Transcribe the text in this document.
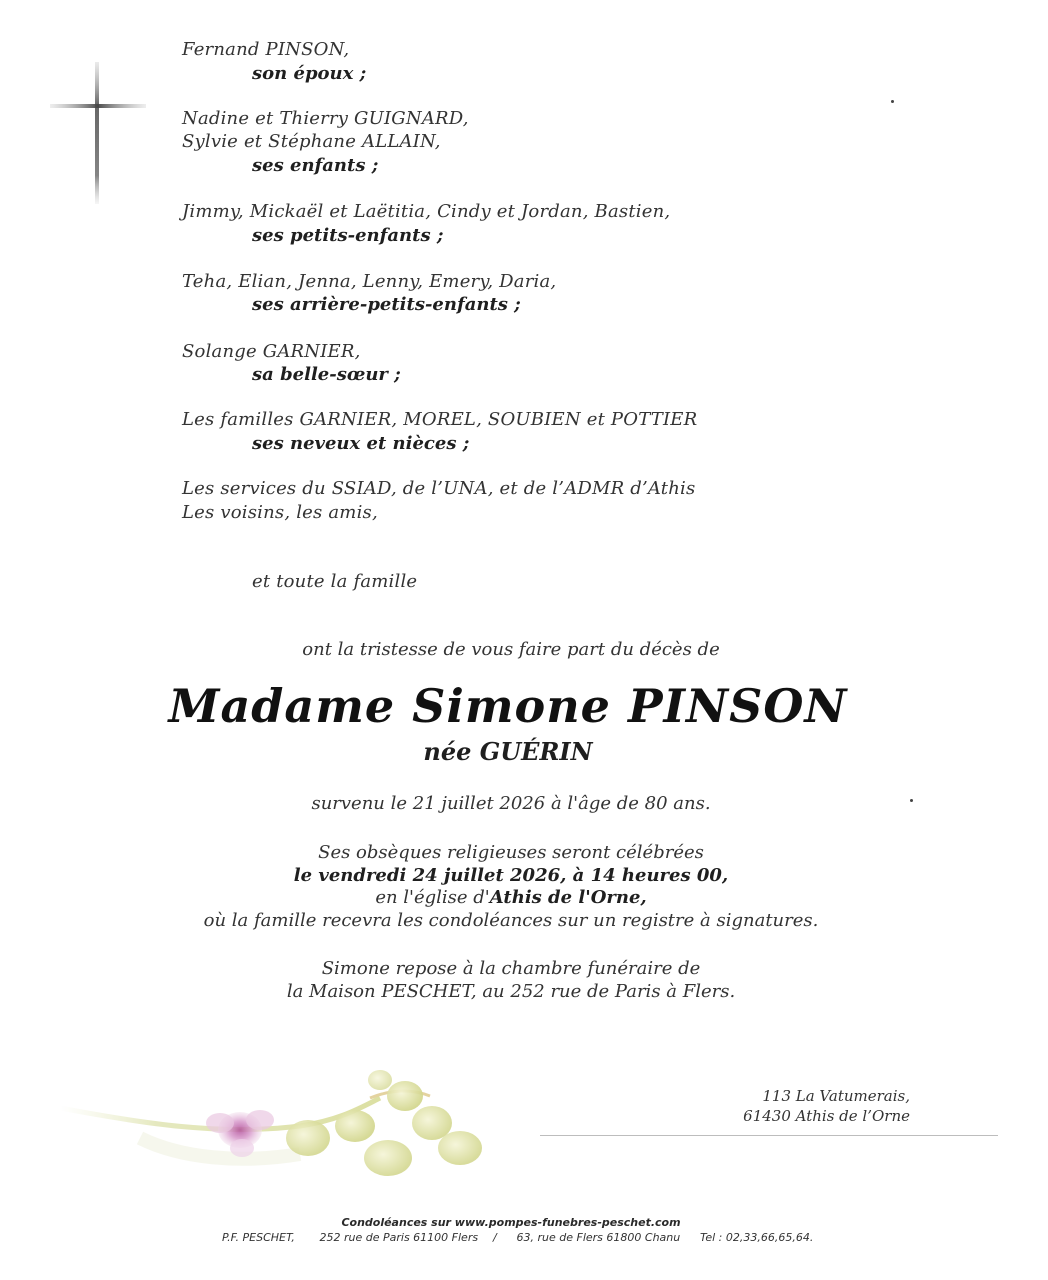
Fernand PINSON,
son époux ;
Nadine et Thierry GUIGNARD,
Sylvie et Stéphane ALLAIN,
ses enfants ;
Jimmy, Mickaël et Laëtitia, Cindy et Jordan, Bastien,
ses petits-enfants ;
Teha, Elian, Jenna, Lenny, Emery, Daria,
ses arrière-petits-enfants ;
Solange GARNIER,
sa belle-sœur ;
Les familles GARNIER, MOREL, SOUBIEN et POTTIER
ses neveux et nièces ;
Les services du SSIAD, de l’UNA, et de l’ADMR d’Athis
Les voisins, les amis,
et toute la famille
ont la tristesse de vous faire part du décès de
Madame Simone PINSON
née GUÉRIN
survenu le 21 juillet 2026 à l'âge de 80 ans.
Ses obsèques religieuses seront célébrées
le vendredi 24 juillet 2026, à 14 heures 00,
en l'église d'Athis de l'Orne,
où la famille recevra les condoléances sur un registre à signatures.
Simone repose à la chambre funéraire de
la Maison PESCHET, au 252 rue de Paris à Flers.
113 La Vatumerais,
61430 Athis de l’Orne
Condoléances sur www.pompes-funebres-peschet.com
P.F. PESCHET, 252 rue de Paris 61100 Flers / 63, rue de Flers 61800 Chanu Tel : 02,33,66,65,64.
